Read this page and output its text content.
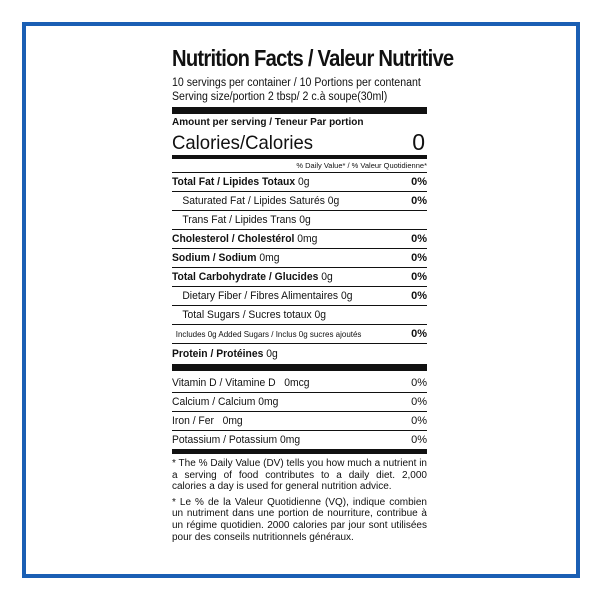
Nutrition Facts / Valeur Nutritive
10 servings per container / 10 Portions per contenant
Serving size/portion 2 tbsp/ 2 c.à soupe(30ml)
Amount per serving / Teneur Par portion
Calories/Calories	0
% Daily Value* / % Valeur Quotidienne*
Total Fat / Lipides Totaux 0g	0%
Saturated Fat / Lipides Saturés 0g	0%
Trans Fat / Lipides Trans 0g
Cholesterol / Cholestérol 0mg	0%
Sodium / Sodium 0mg	0%
Total Carbohydrate / Glucides 0g	0%
Dietary Fiber / Fibres Alimentaires 0g	0%
Total Sugars / Sucres totaux 0g
Includes 0g Added Sugars / Inclus 0g sucres ajoutés	0%
Protein / Protéines 0g
Vitamin D / Vitamine D 0mcg	0%
Calcium / Calcium 0mg	0%
Iron / Fer 0mg	0%
Potassium / Potassium 0mg	0%

* The % Daily Value (DV) tells you how much a nutrient in a serving of food contributes to a daily diet. 2,000 calories a day is used for general nutrition advice.

* Le % de la Valeur Quotidienne (VQ), indique combien un nutriment dans une portion de nourriture, contribue à un régime quotidien. 2000 calories par jour sont utilisées pour des conseils nutritionnels généraux.
